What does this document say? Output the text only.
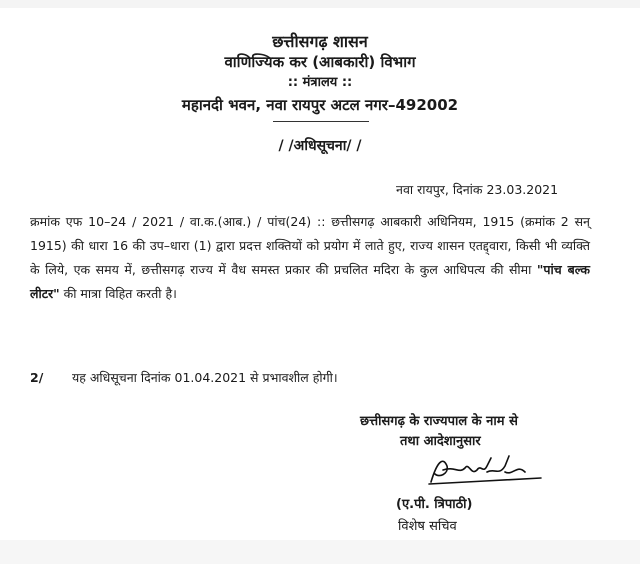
छत्तीसगढ़ शासन
वाणिज्यिक कर (आबकारी) विभाग
:: मंत्रालय ::
महानदी भवन, नवा रायपुर अटल नगर–492002
/ /अधिसूचना/ /
नवा रायपुर, दिनांक 23.03.2021
क्रमांक एफ 10–24 / 2021 / वा.क.(आब.) / पांच(24) :: छत्तीसगढ़ आबकारी अधिनियम, 1915 (क्रमांक 2 सन् 1915) की धारा 16 की उप–धारा (1) द्वारा प्रदत्त शक्तियों को प्रयोग में लाते हुए, राज्य शासन एतद्द्वारा, किसी भी व्यक्ति के लिये, एक समय में, छत्तीसगढ़ राज्य में वैध समस्त प्रकार की प्रचलित मदिरा के कुल आधिपत्य की सीमा "पांच बल्क लीटर" की मात्रा विहित करती है।
2/ यह अधिसूचना दिनांक 01.04.2021 से प्रभावशील होगी।
छत्तीसगढ़ के राज्यपाल के नाम से
तथा आदेशानुसार
(ए.पी. त्रिपाठी)
विशेष सचिव
